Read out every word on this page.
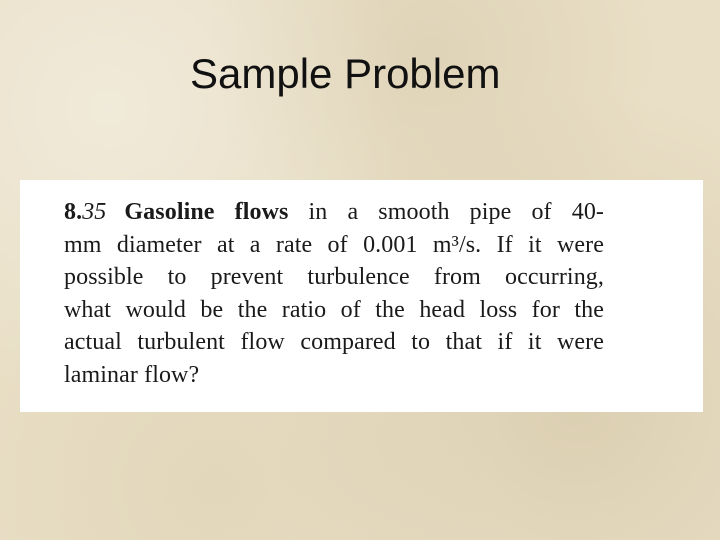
Sample Problem
8.35 Gasoline flows in a smooth pipe of 40-
mm diameter at a rate of 0.001 m³/s. If it were
possible to prevent turbulence from occurring,
what would be the ratio of the head loss for the
actual turbulent flow compared to that if it were
laminar flow?
